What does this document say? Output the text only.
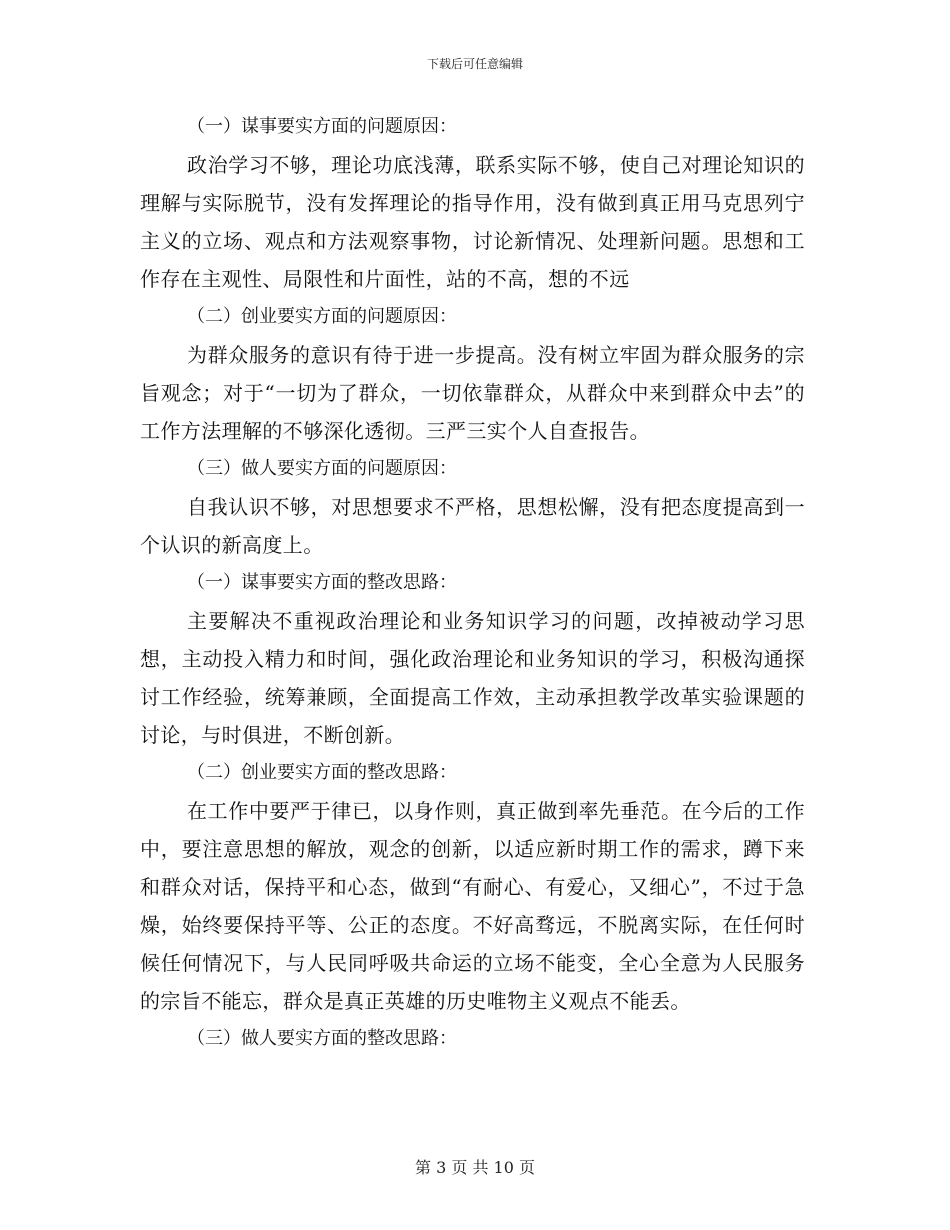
下载后可任意编辑

（一）谋事要实方面的问题原因：

政治学习不够，理论功底浅薄，联系实际不够，使自己对理论知识的理解与实际脱节，没有发挥理论的指导作用，没有做到真正用马克思列宁主义的立场、观点和方法观察事物，讨论新情况、处理新问题。思想和工作存在主观性、局限性和片面性，站的不高，想的不远

（二）创业要实方面的问题原因：

为群众服务的意识有待于进一步提高。没有树立牢固为群众服务的宗旨观念；对于“一切为了群众，一切依靠群众，从群众中来到群众中去”的工作方法理解的不够深化透彻。三严三实个人自查报告。

（三）做人要实方面的问题原因：

自我认识不够，对思想要求不严格，思想松懈，没有把态度提高到一个认识的新高度上。

（一）谋事要实方面的整改思路：

主要解决不重视政治理论和业务知识学习的问题，改掉被动学习思想，主动投入精力和时间，强化政治理论和业务知识的学习，积极沟通探讨工作经验，统筹兼顾，全面提高工作效，主动承担教学改革实验课题的讨论，与时俱进，不断创新。

（二）创业要实方面的整改思路：

在工作中要严于律已，以身作则，真正做到率先垂范。在今后的工作中，要注意思想的解放，观念的创新，以适应新时期工作的需求，蹲下来和群众对话，保持平和心态，做到“有耐心、有爱心，又细心”，不过于急燥，始终要保持平等、公正的态度。不好高骛远，不脱离实际，在任何时候任何情况下，与人民同呼吸共命运的立场不能变，全心全意为人民服务的宗旨不能忘，群众是真正英雄的历史唯物主义观点不能丢。

（三）做人要实方面的整改思路：

第 3 页 共 10 页
